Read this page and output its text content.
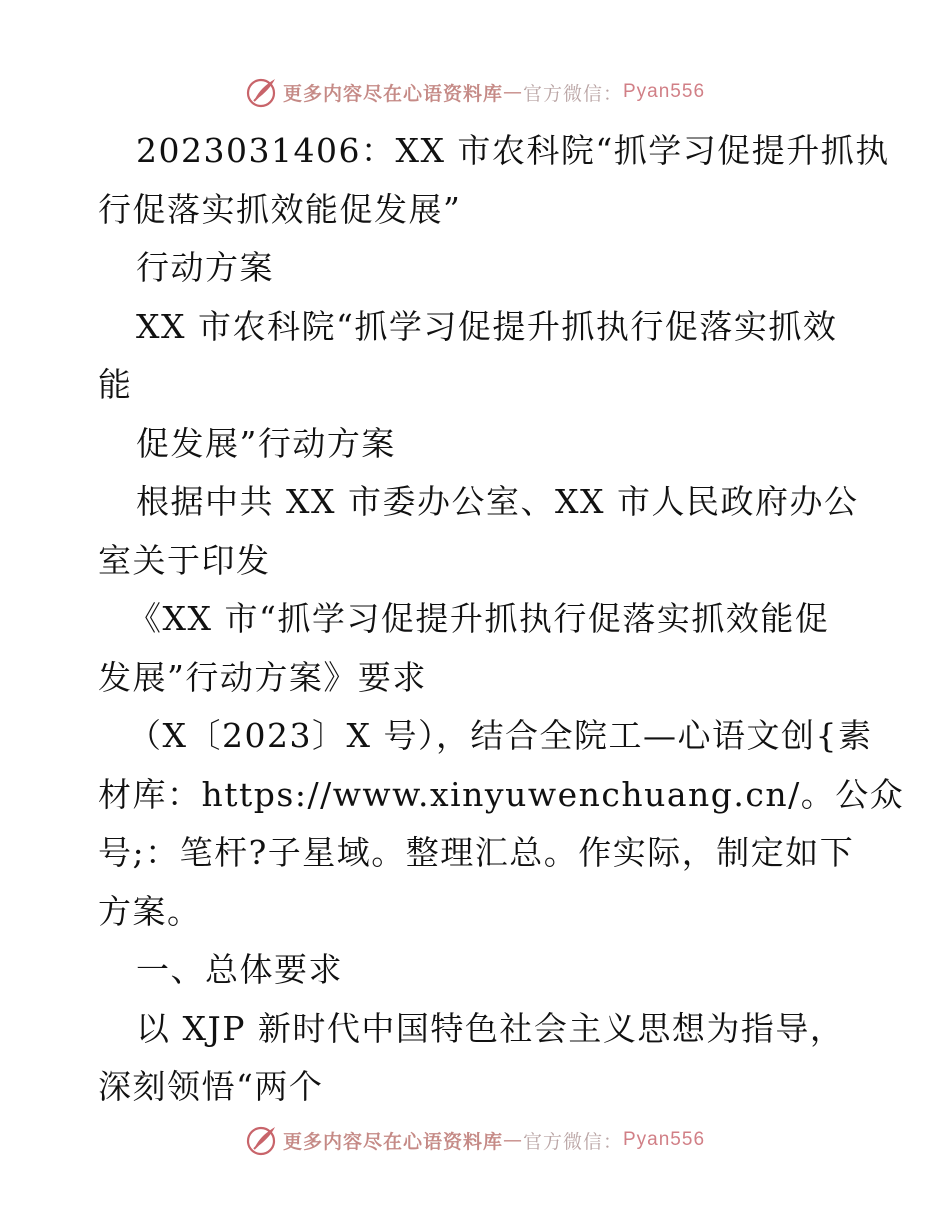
更多内容尽在心语资料库 — 官方微信： Pyan556
2023031406：XX 市农科院“抓学习促提升抓执
行促落实抓效能促发展”
行动方案
XX 市农科院“抓学习促提升抓执行促落实抓效
能
促发展”行动方案
根据中共 XX 市委办公室、XX 市人民政府办公
室关于印发
《XX 市“抓学习促提升抓执行促落实抓效能促
发展”行动方案》要求
（X〔2023〕X 号），结合全院工—心语文创{素
材库：https://www.xinyuwenchuang.cn/。公众
号;：笔杆?子星域。整理汇总。作实际，制定如下
方案。
一、总体要求
以 XJP 新时代中国特色社会主义思想为指导，
深刻领悟“两个
更多内容尽在心语资料库 — 官方微信： Pyan556
